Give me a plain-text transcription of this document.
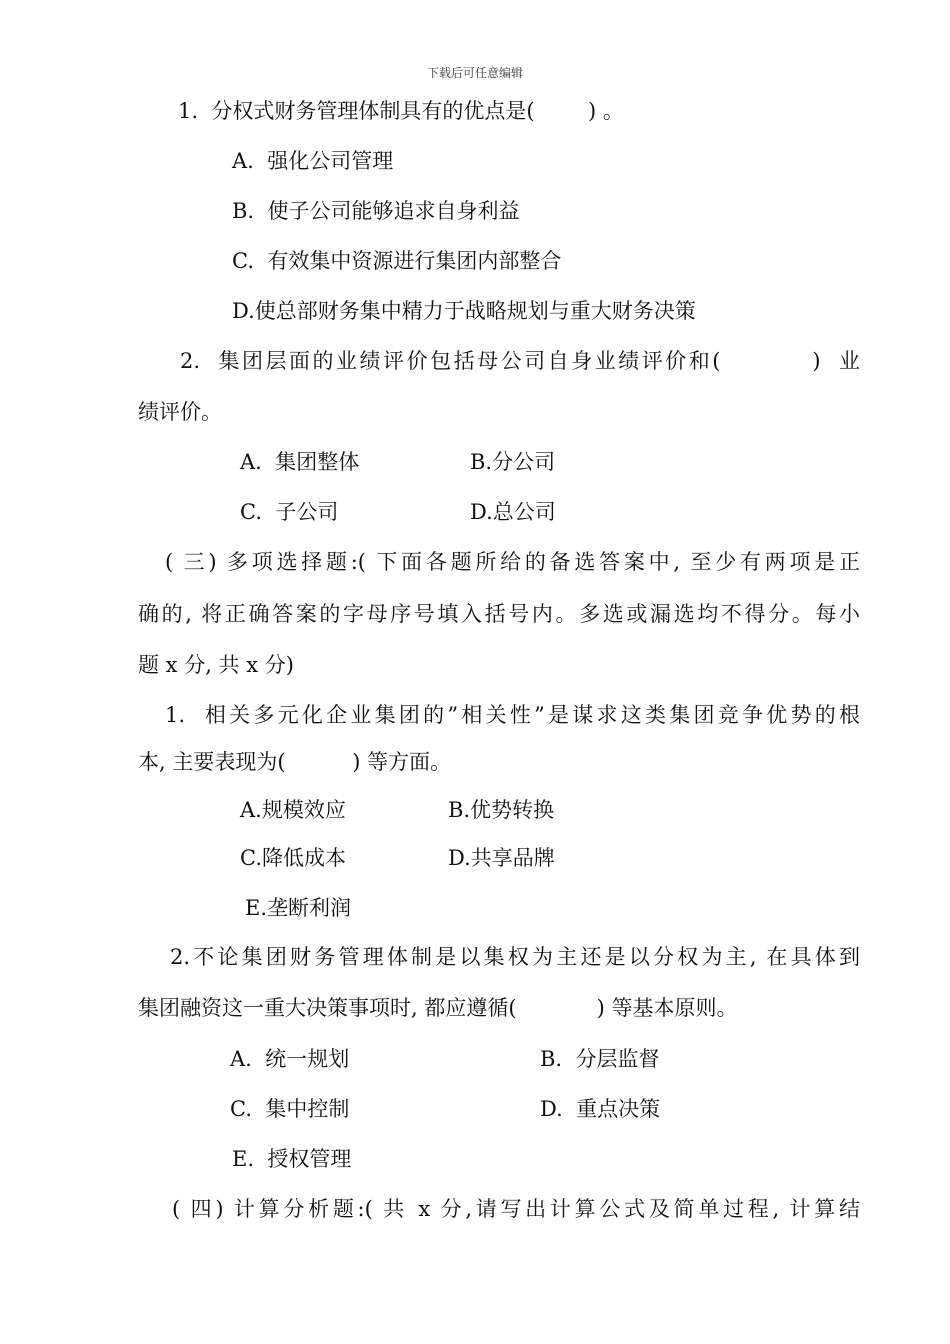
下载后可任意编辑
1.  分权式财务管理体制具有的优点是(        ) 。
A.  强化公司管理
B.  使子公司能够追求自身利益
C.  有效集中资源进行集团内部整合
D.使总部财务集中精力于战略规划与重大财务决策
2.  集团层面的业绩评价包括母公司自身业绩评价和(          )  业
绩评价。
A.  集团整体	B.分公司
C.  子公司	D.总公司
( 三) 多项选择题:( 下面各题所给的备选答案中, 至少有两项是正
确的, 将正确答案的字母序号填入括号内。多选或漏选均不得分。每小
题 x 分, 共 x 分)
1.  相关多元化企业集团的”相关性”是谋求这类集团竞争优势的根
本, 主要表现为(          ) 等方面。
A.规模效应	B.优势转换
C.降低成本	D.共享品牌
E.垄断利润
2.不论集团财务管理体制是以集权为主还是以分权为主, 在具体到
集团融资这一重大决策事项时, 都应遵循(            ) 等基本原则。
A.  统一规划	B.  分层监督
C.  集中控制	D.  重点决策
E.  授权管理
( 四) 计算分析题:( 共 x 分,请写出计算公式及简单过程, 计算结
